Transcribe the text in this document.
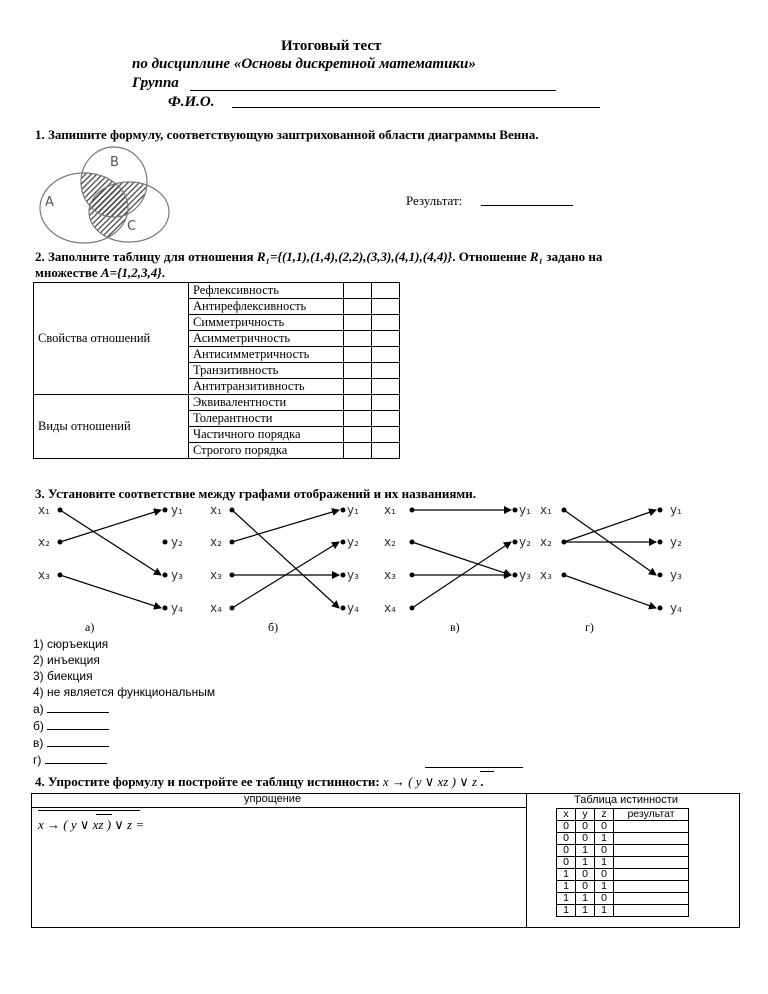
Итоговый тест
по дисциплине «Основы дискретной математики»
Группа
Ф.И.О.
1. Запишите формулу, соответствующую заштрихованной области диаграммы Венна.
A
B
C
Результат:
2. Заполните таблицу для отношения R₁={(1,1),(1,4),(2,2),(3,3),(4,1),(4,4)}. Отношение R₁ задано на
множестве A={1,2,3,4}.
Свойства отношений	Рефлексивность		
	Антирефлексивность		
	Симметричность		
	Асимметричность		
	Антисимметричность		
	Транзитивность		
	Антитранзитивность		
Виды отношений	Эквивалентности		
	Толерантности		
	Частичного порядка		
	Строгого порядка		
3. Установите соответствие между графами отображений и их названиями.
x₁
x₂
x₃
y₁
y₂
y₃
y₄
x₁
x₂
x₃
x₄
y₁
y₂
y₃
y₄
x₁
x₂
x₃
x₄
y₁
y₂
y₃
x₁
x₂
x₃
y₁
y₂
y₃
y₄
а)	б)	в)	г)
1) сюръекция
2) инъекция
3) биекция
4) не является функциональным
а)
б)
в)
г)
4. Упростите формулу и постройте ее таблицу истинности: x → ( y ∨ xz ) ∨ z .
упрощение
x → ( y ∨ xz ) ∨ z =
Таблица истинности
x	y	z	результат
0	0	0	
0	0	1	
0	1	0	
0	1	1	
1	0	0	
1	0	1	
1	1	0	
1	1	1	
